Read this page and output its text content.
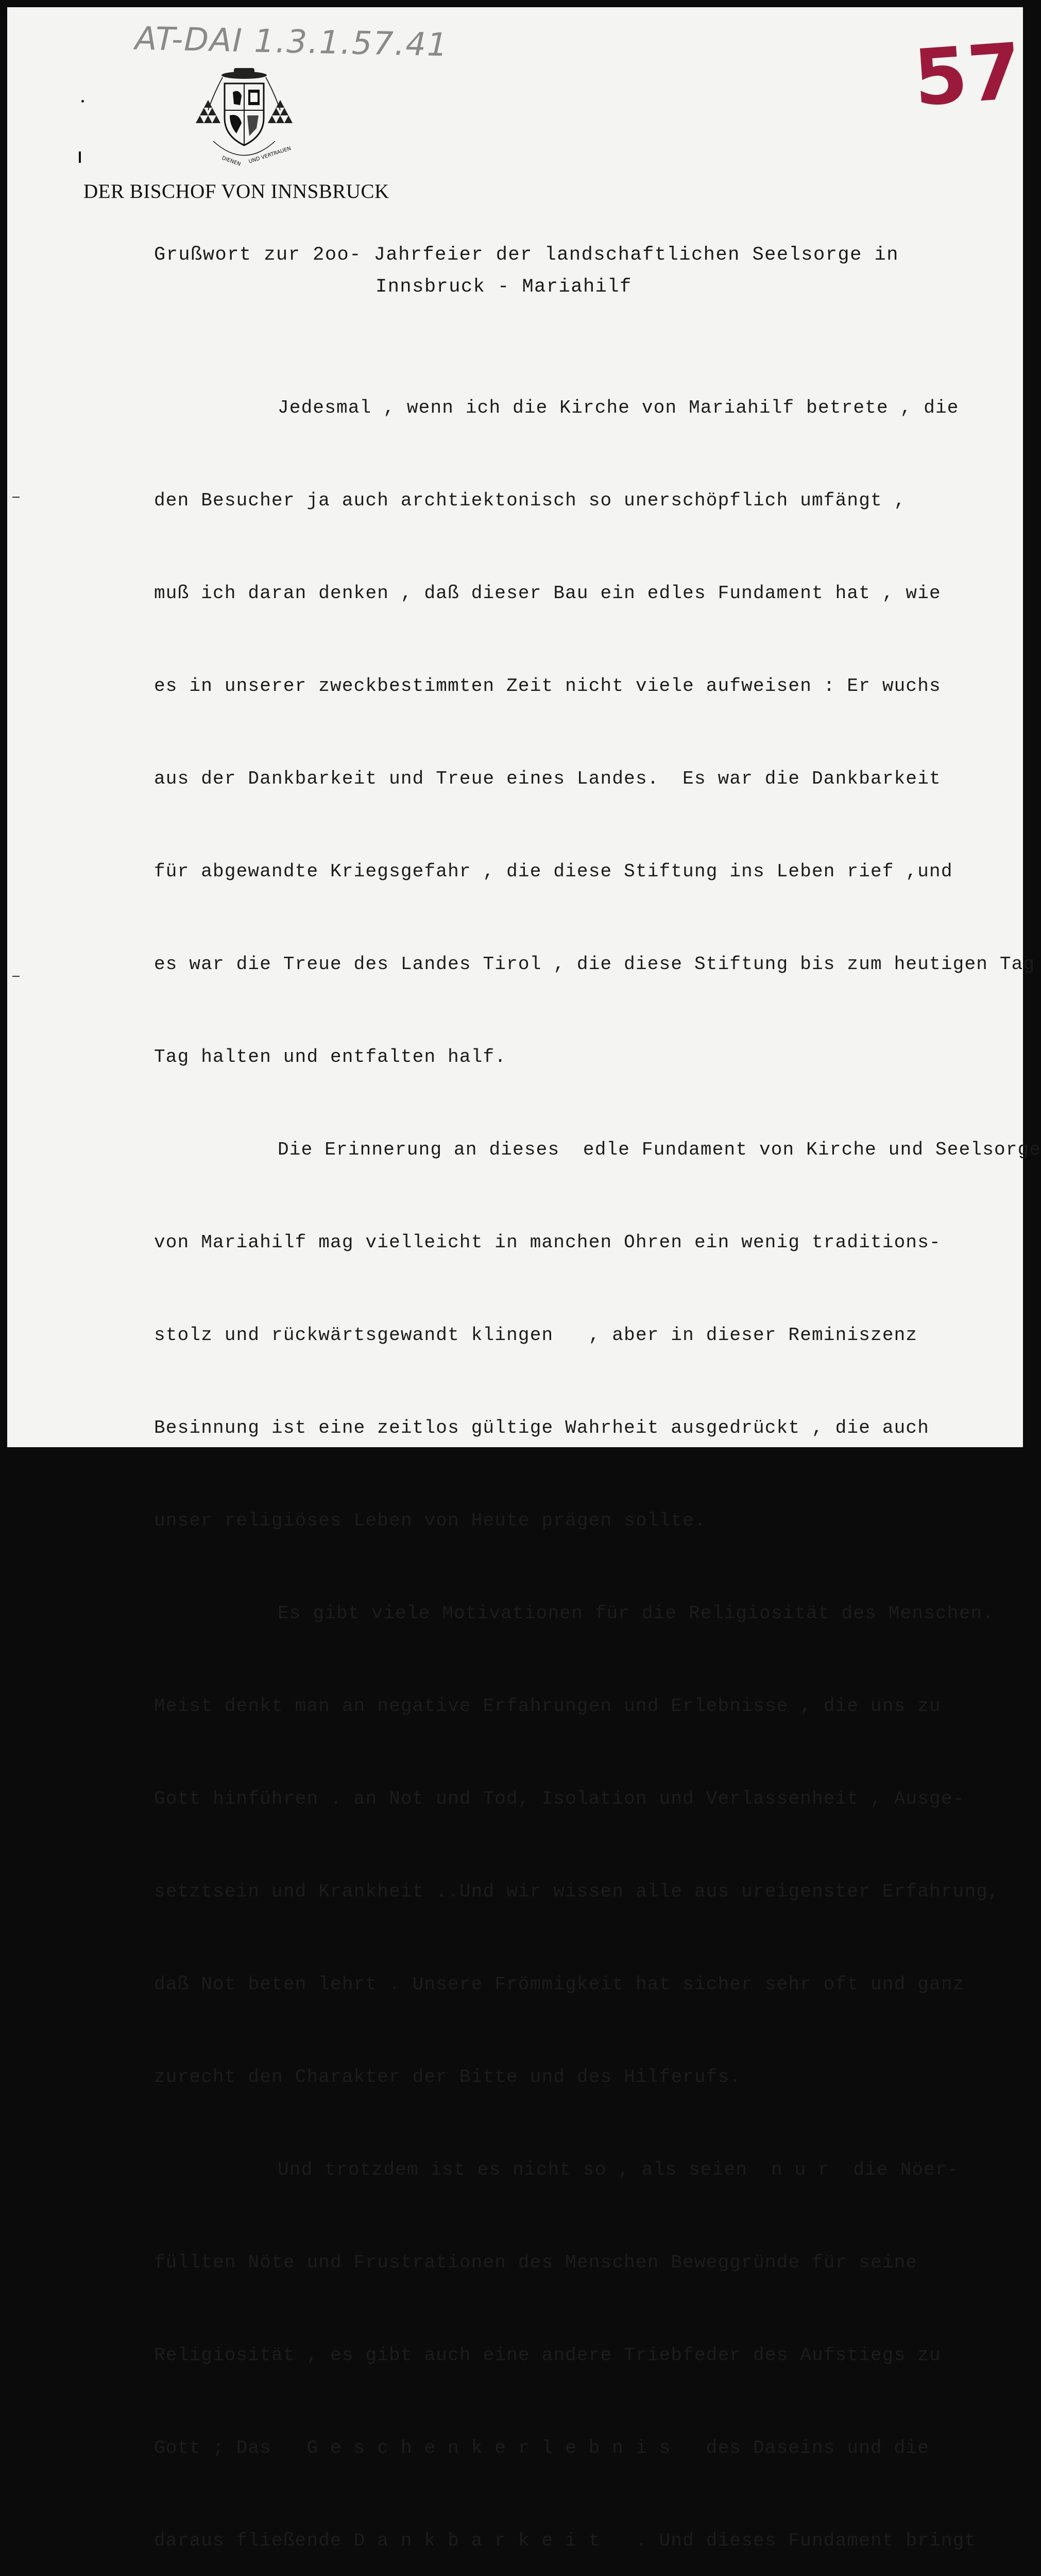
AT-DAI 1.3.1.57.41	57
DIENEN UND VERTRAUEN
DER BISCHOF VON INNSBRUCK
Grußwort zur 2oo- Jahrfeier der landschaftlichen Seelsorge in
Innsbruck - Mariahilf

Jedesmal , wenn ich die Kirche von Mariahilf betrete , die

den Besucher ja auch archtiektonisch so unerschöpflich umfängt ,

muß ich daran denken , daß dieser Bau ein edles Fundament hat , wie

es in unserer zweckbestimmten Zeit nicht viele aufweisen : Er wuchs

aus der Dankbarkeit und Treue eines Landes.  Es war die Dankbarkeit

für abgewandte Kriegsgefahr , die diese Stiftung ins Leben rief ,und

es war die Treue des Landes Tirol , die diese Stiftung bis zum heutigen Tag

Tag halten und entfalten half.

Die Erinnerung an dieses  edle Fundament von Kirche und Seelsorge

von Mariahilf mag vielleicht in manchen Ohren ein wenig traditions-

stolz und rückwärtsgewandt klingen   , aber in dieser Reminiszenz

Besinnung ist eine zeitlos gültige Wahrheit ausgedrückt , die auch

unser religiöses Leben von Heute prägen sollte.

Es gibt viele Motivationen für die Religiosität des Menschen.

Meist denkt man an negative Erfahrungen und Erlebnisse , die uns zu

Gott hinführen . an Not und Tod, Isolation und Verlassenheit , Ausge-

setztsein und Krankheit ..Und wir wissen alle aus ureigenster Erfahrung,

daß Not beten lehrt . Unsere Frömmigkeit hat sicher sehr oft und ganz

zurecht den Charakter der Bitte und des Hilferufs.

Und trotzdem ist es nicht so , als seien  n u r  die Nöer-

füllten Nöte und Frustrationen des Menschen Beweggründe für seine

Religiosität , es gibt auch eine andere Triebfeder des Aufstiegs zu

Gott ; Das   G e s c h e n k e r l e b n i s   des Daseins und die

daraus fließende D a n k b a r k e i t   . Und dieses Fundament bringt
